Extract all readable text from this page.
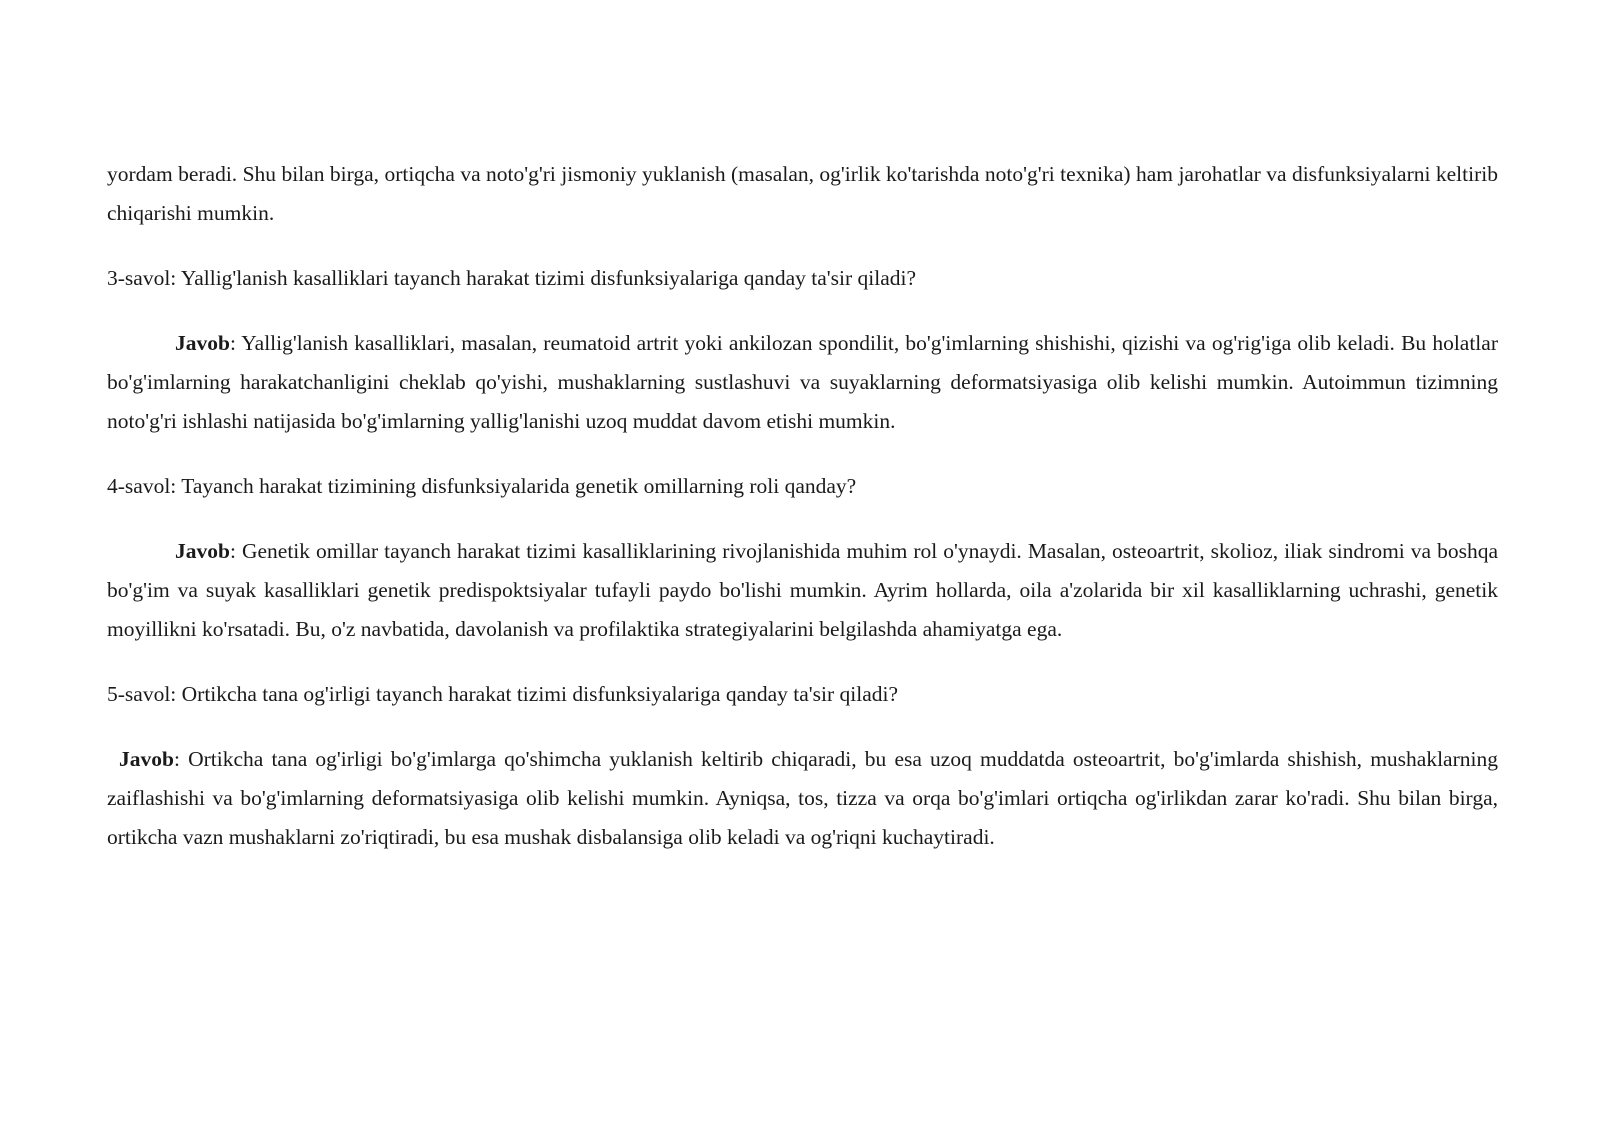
yordam beradi. Shu bilan birga, ortiqcha va noto'g'ri jismoniy yuklanish (masalan, og'irlik ko'tarishda noto'g'ri texnika) ham jarohatlar va disfunksiyalarni keltirib chiqarishi mumkin.

3-savol: Yallig'lanish kasalliklari tayanch harakat tizimi disfunksiyalariga qanday ta'sir qiladi?

Javob: Yallig'lanish kasalliklari, masalan, reumatoid artrit yoki ankilozan spondilit, bo'g'imlarning shishishi, qizishi va og'rig'iga olib keladi. Bu holatlar bo'g'imlarning harakatchanligini cheklab qo'yishi, mushaklarning sustlashuvi va suyaklarning deformatsiyasiga olib kelishi mumkin. Autoimmun tizimning noto'g'ri ishlashi natijasida bo'g'imlarning yallig'lanishi uzoq muddat davom etishi mumkin.

4-savol: Tayanch harakat tizimining disfunksiyalarida genetik omillarning roli qanday?

Javob: Genetik omillar tayanch harakat tizimi kasalliklarining rivojlanishida muhim rol o'ynaydi. Masalan, osteoartrit, skolioz, iliak sindromi va boshqa bo'g'im va suyak kasalliklari genetik predispoktsiyalar tufayli paydo bo'lishi mumkin. Ayrim hollarda, oila a'zolarida bir xil kasalliklarning uchrashi, genetik moyillikni ko'rsatadi. Bu, o'z navbatida, davolanish va profilaktika strategiyalarini belgilashda ahamiyatga ega.

5-savol: Ortikcha tana og'irligi tayanch harakat tizimi disfunksiyalariga qanday ta'sir qiladi?

Javob: Ortikcha tana og'irligi bo'g'imlarga qo'shimcha yuklanish keltirib chiqaradi, bu esa uzoq muddatda osteoartrit, bo'g'imlarda shishish, mushaklarning zaiflashishi va bo'g'imlarning deformatsiyasiga olib kelishi mumkin. Ayniqsa, tos, tizza va orqa bo'g'imlari ortiqcha og'irlikdan zarar ko'radi. Shu bilan birga, ortikcha vazn mushaklarni zo'riqtiradi, bu esa mushak disbalansiga olib keladi va og'riqni kuchaytiradi.
